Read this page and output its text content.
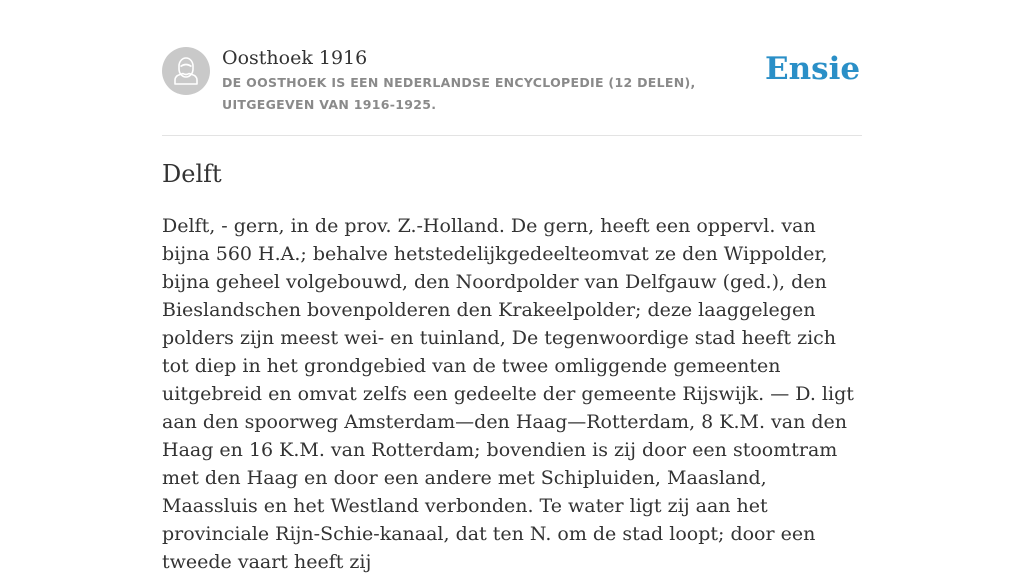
Oosthoek 1916
DE OOSTHOEK IS EEN NEDERLANDSE ENCYCLOPEDIE (12 DELEN), UITGEGEVEN VAN 1916-1925.
Ensie
Delft

Delft, - gern, in de prov. Z.-Holland. De gern, heeft een oppervl. van bijna 560 H.A.; behalve hetstedelijkgedeelteomvat ze den Wippolder, bijna geheel volgebouwd, den Noordpolder van Delfgauw (ged.), den Bieslandschen bovenpolderen den Krakeelpolder; deze laaggelegen polders zijn meest wei- en tuinland, De tegenwoordige stad heeft zich tot diep in het grondgebied van de twee omliggende gemeenten uitgebreid en omvat zelfs een gedeelte der gemeente Rijswijk. — D. ligt aan den spoorweg Amsterdam—den Haag—Rotterdam, 8 K.M. van den Haag en 16 K.M. van Rotterdam; bovendien is zij door een stoomtram met den Haag en door een andere met Schipluiden, Maasland, Maassluis en het Westland verbonden. Te water ligt zij aan het provinciale Rijn-Schie-kanaal, dat ten N. om de stad loopt; door een tweede vaart heeft zij
